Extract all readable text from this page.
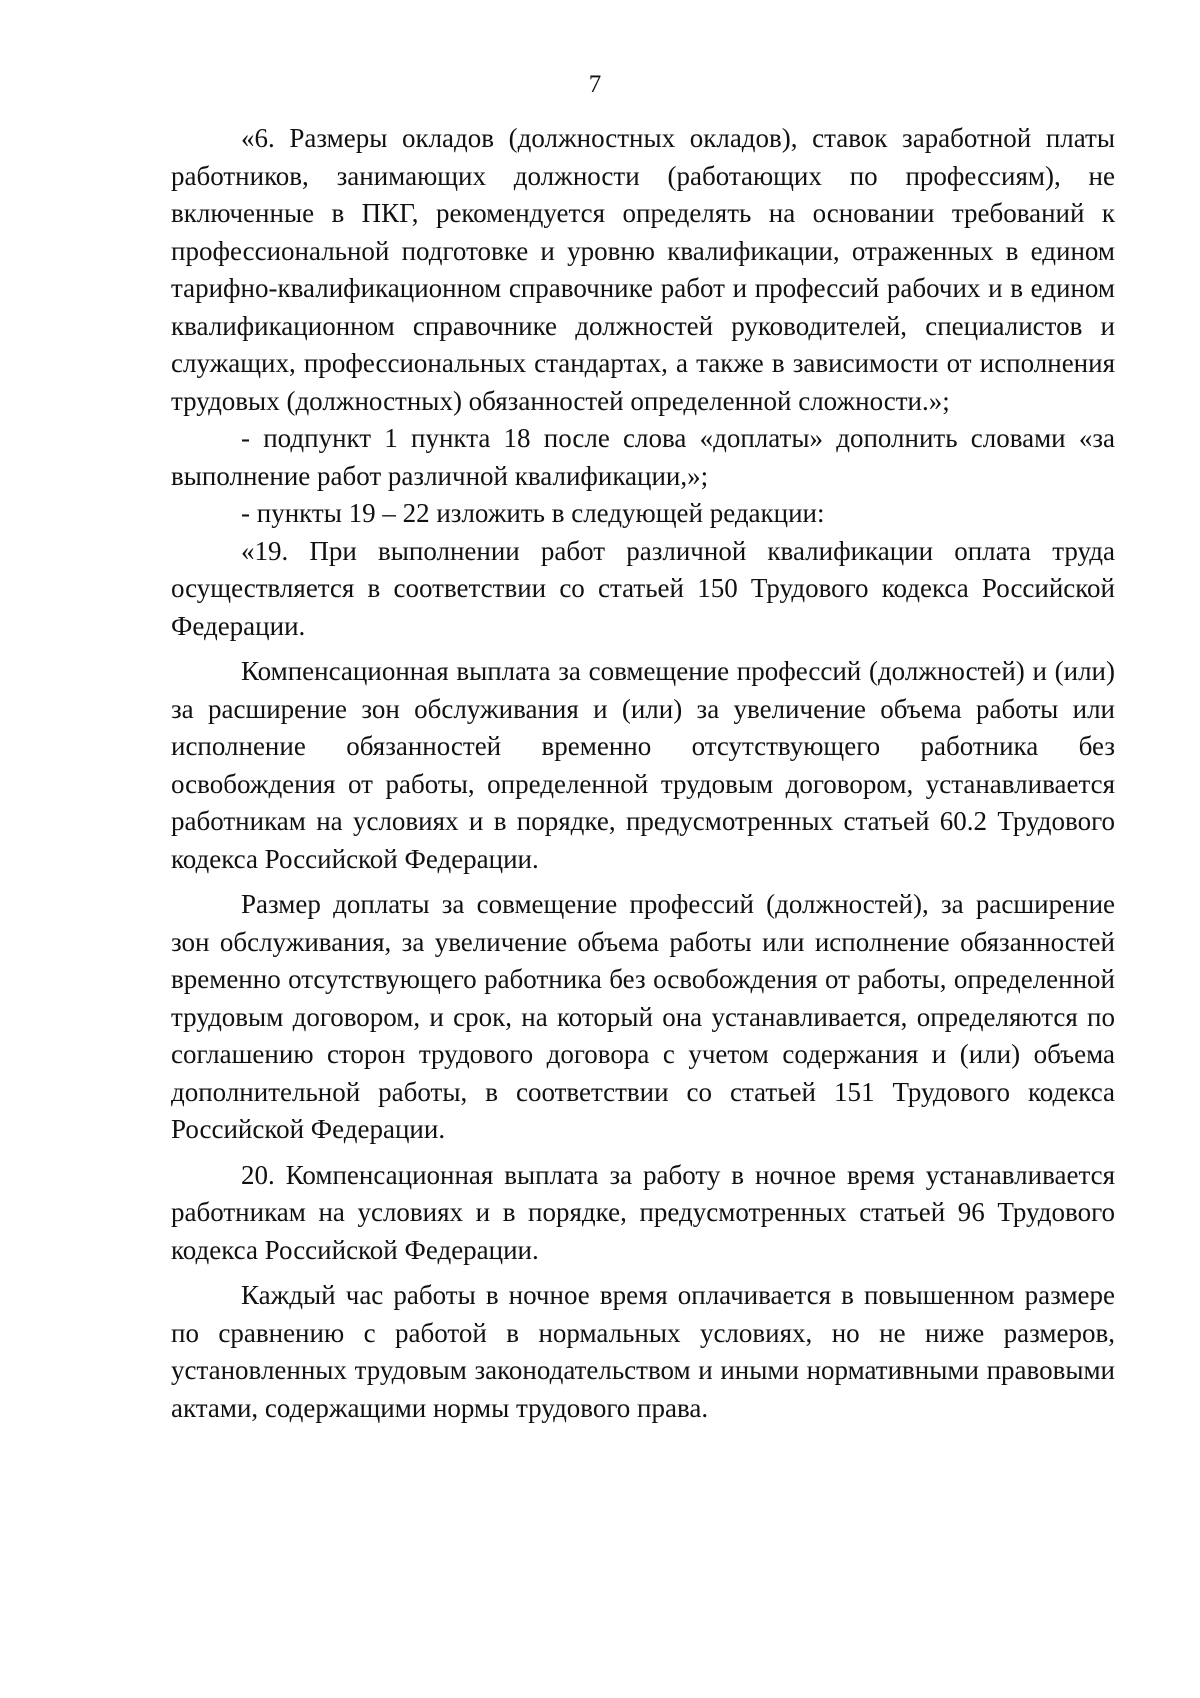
7

«6. Размеры окладов (должностных окладов), ставок заработной платы работников, занимающих должности (работающих по профессиям), не включенные в ПКГ, рекомендуется определять на основании требований к профессиональной подготовке и уровню квалификации, отраженных в едином тарифно-квалификационном справочнике работ и профессий рабочих и в едином квалификационном справочнике должностей руководителей, специалистов и служащих, профессиональных стандартах, а также в зависимости от исполнения трудовых (должностных) обязанностей определенной сложности.»;

- подпункт 1 пункта 18 после слова «доплаты» дополнить словами «за выполнение работ различной квалификации,»;

- пункты 19 – 22 изложить в следующей редакции:

«19. При выполнении работ различной квалификации оплата труда осуществляется в соответствии со статьей 150 Трудового кодекса Российской Федерации.

Компенсационная выплата за совмещение профессий (должностей) и (или) за расширение зон обслуживания и (или) за увеличение объема работы или исполнение обязанностей временно отсутствующего работника без освобождения от работы, определенной трудовым договором, устанавливается работникам на условиях и в порядке, предусмотренных статьей 60.2 Трудового кодекса Российской Федерации.

Размер доплаты за совмещение профессий (должностей), за расширение зон обслуживания, за увеличение объема работы или исполнение обязанностей временно отсутствующего работника без освобождения от работы, определенной трудовым договором, и срок, на который она устанавливается, определяются по соглашению сторон трудового договора с учетом содержания и (или) объема дополнительной работы, в соответствии со статьей 151 Трудового кодекса Российской Федерации.

20. Компенсационная выплата за работу в ночное время устанавливается работникам на условиях и в порядке, предусмотренных статьей 96 Трудового кодекса Российской Федерации.

Каждый час работы в ночное время оплачивается в повышенном размере по сравнению с работой в нормальных условиях, но не ниже размеров, установленных трудовым законодательством и иными нормативными правовыми актами, содержащими нормы трудового права.
